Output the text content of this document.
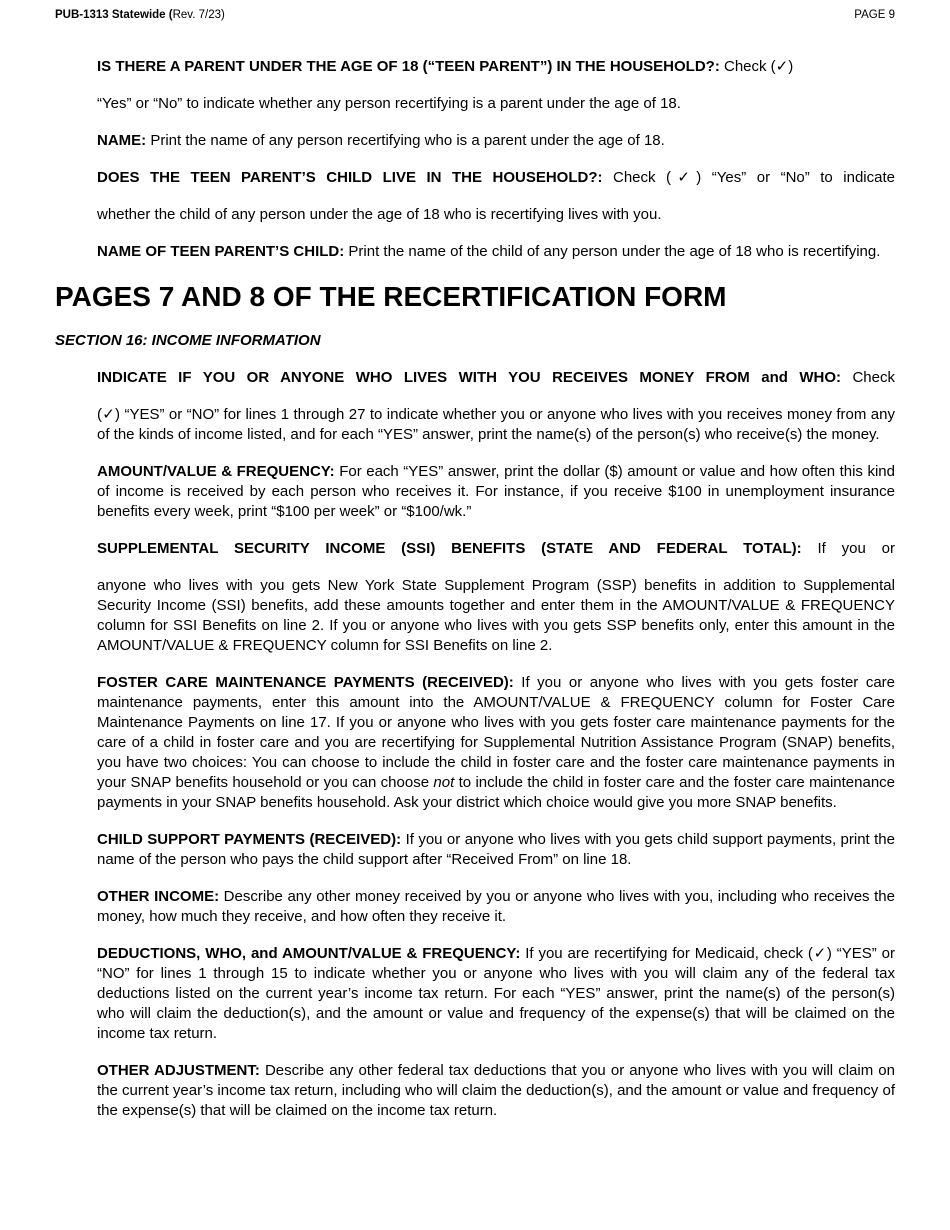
PUB-1313 Statewide (Rev. 7/23)	PAGE 9

IS THERE A PARENT UNDER THE AGE OF 18 (“TEEN PARENT”) IN THE HOUSEHOLD?: Check (✓)
“Yes” or “No” to indicate whether any person recertifying is a parent under the age of 18.

NAME: Print the name of any person recertifying who is a parent under the age of 18.

DOES THE TEEN PARENT’S CHILD LIVE IN THE HOUSEHOLD?: Check (✓) “Yes” or “No” to indicate
whether the child of any person under the age of 18 who is recertifying lives with you.

NAME OF TEEN PARENT’S CHILD: Print the name of the child of any person under the age of 18 who is recertifying.

PAGES 7 AND 8 OF THE RECERTIFICATION FORM
SECTION 16: INCOME INFORMATION

INDICATE IF YOU OR ANYONE WHO LIVES WITH YOU RECEIVES MONEY FROM and WHO: Check
(✓) “YES” or “NO” for lines 1 through 27 to indicate whether you or anyone who lives with you receives money from any of the kinds of income listed, and for each “YES” answer, print the name(s) of the person(s) who receive(s) the money.

AMOUNT/VALUE & FREQUENCY: For each “YES” answer, print the dollar ($) amount or value and how often this kind of income is received by each person who receives it. For instance, if you receive $100 in unemployment insurance benefits every week, print “$100 per week” or “$100/wk.”

SUPPLEMENTAL SECURITY INCOME (SSI) BENEFITS (STATE AND FEDERAL TOTAL): If you or
anyone who lives with you gets New York State Supplement Program (SSP) benefits in addition to Supplemental Security Income (SSI) benefits, add these amounts together and enter them in the AMOUNT/VALUE & FREQUENCY column for SSI Benefits on line 2. If you or anyone who lives with you gets SSP benefits only, enter this amount in the AMOUNT/VALUE & FREQUENCY column for SSI Benefits on line 2.

FOSTER CARE MAINTENANCE PAYMENTS (RECEIVED): If you or anyone who lives with you gets foster care maintenance payments, enter this amount into the AMOUNT/VALUE & FREQUENCY column for Foster Care Maintenance Payments on line 17. If you or anyone who lives with you gets foster care maintenance payments for the care of a child in foster care and you are recertifying for Supplemental Nutrition Assistance Program (SNAP) benefits, you have two choices: You can choose to include the child in foster care and the foster care maintenance payments in your SNAP benefits household or you can choose not to include the child in foster care and the foster care maintenance payments in your SNAP benefits household. Ask your district which choice would give you more SNAP benefits.

CHILD SUPPORT PAYMENTS (RECEIVED): If you or anyone who lives with you gets child support payments, print the name of the person who pays the child support after “Received From” on line 18.

OTHER INCOME: Describe any other money received by you or anyone who lives with you, including who receives the money, how much they receive, and how often they receive it.

DEDUCTIONS, WHO, and AMOUNT/VALUE & FREQUENCY: If you are recertifying for Medicaid, check (✓) “YES” or “NO” for lines 1 through 15 to indicate whether you or anyone who lives with you will claim any of the federal tax deductions listed on the current year’s income tax return. For each “YES” answer, print the name(s) of the person(s) who will claim the deduction(s), and the amount or value and frequency of the expense(s) that will be claimed on the income tax return.

OTHER ADJUSTMENT: Describe any other federal tax deductions that you or anyone who lives with you will claim on the current year’s income tax return, including who will claim the deduction(s), and the amount or value and frequency of the expense(s) that will be claimed on the income tax return.
